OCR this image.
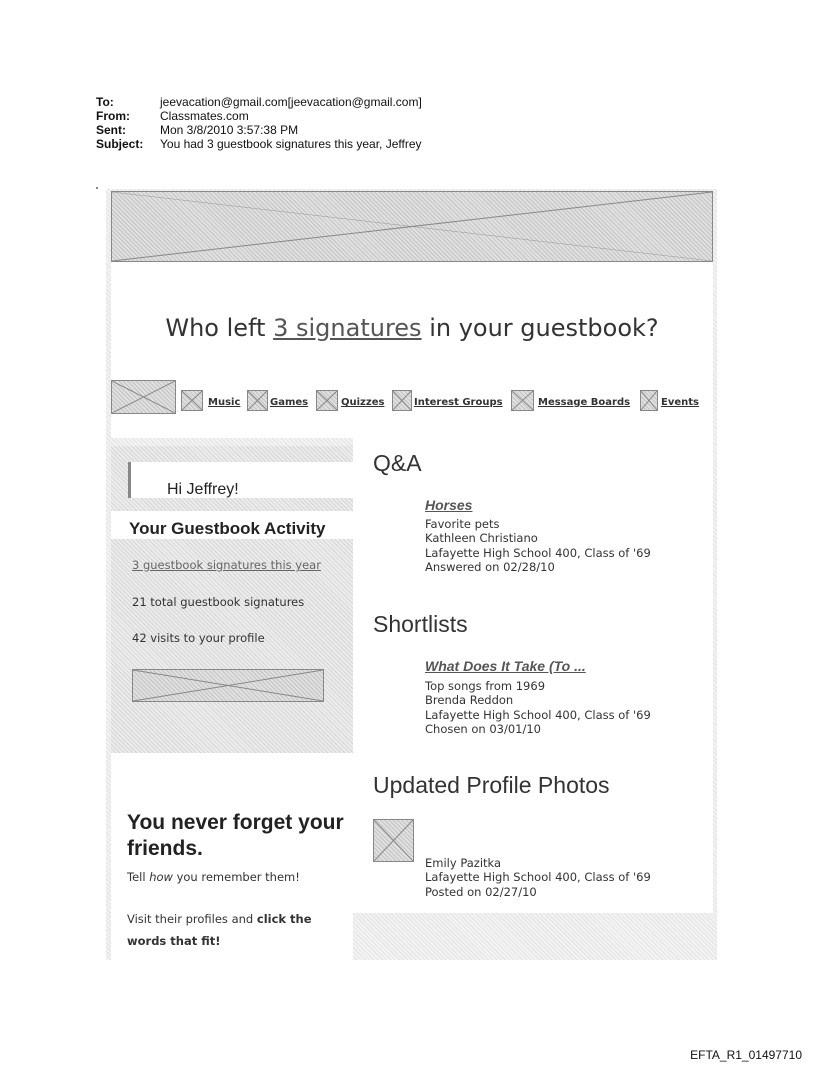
To:	jeevacation@gmail.com[jeevacation@gmail.com]
From:	Classmates.com
Sent:	Mon 3/8/2010 3:57:38 PM
Subject:	You had 3 guestbook signatures this year, Jeffrey
Who left 3 signatures in your guestbook?
Music	Games	Quizzes	Interest Groups	Message Boards	Events
Hi Jeffrey!
Your Guestbook Activity
3 guestbook signatures this year
21 total guestbook signatures
42 visits to your profile
You never forget your friends.
Tell how you remember them!
Visit their profiles and click the words that fit!
Q&A
Horses
Favorite pets
Kathleen Christiano
Lafayette High School 400, Class of '69
Answered on 02/28/10
Shortlists
What Does It Take (To ...
Top songs from 1969
Brenda Reddon
Lafayette High School 400, Class of '69
Chosen on 03/01/10
Updated Profile Photos
Emily Pazitka
Lafayette High School 400, Class of '69
Posted on 02/27/10
EFTA_R1_01497710
